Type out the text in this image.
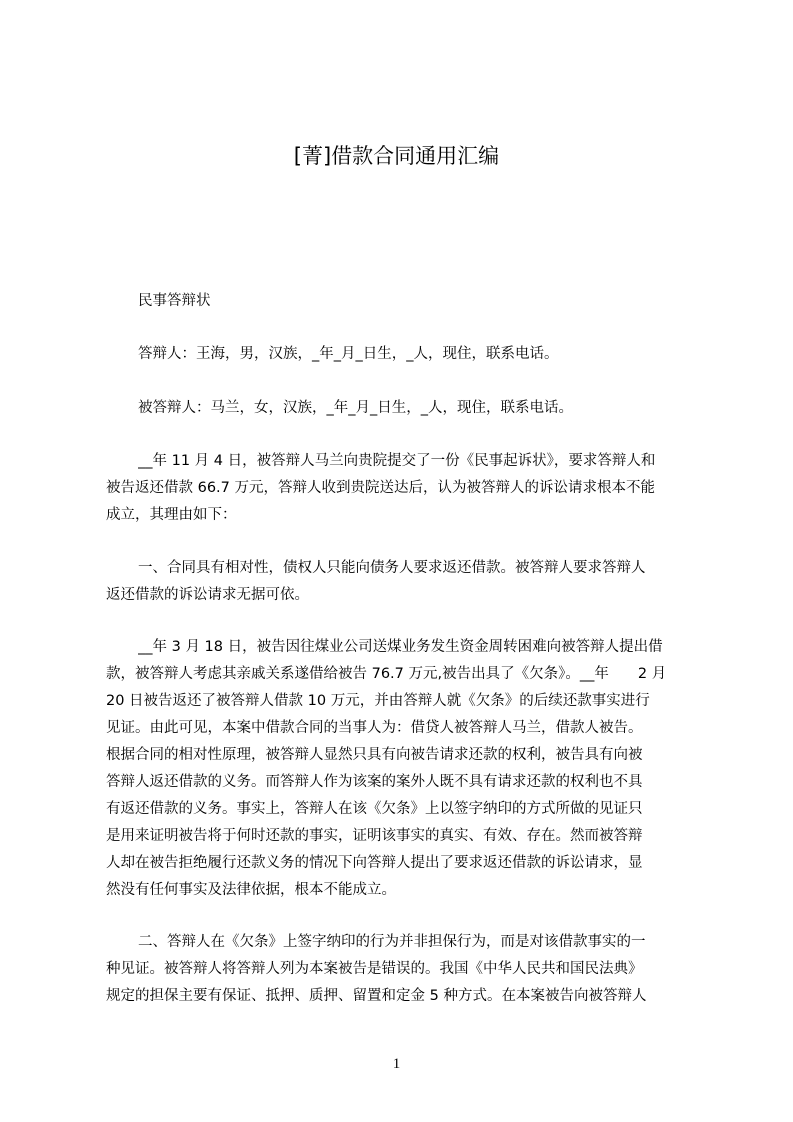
[菁]借款合同通用汇编
民事答辩状
答辩人：王海，男，汉族，_年_月_日生，_人，现住，联系电话。
被答辩人：马兰，女，汉族，_年_月_日生，_人，现住，联系电话。
__年 11 月 4 日，被答辩人马兰向贵院提交了一份《民事起诉状》，要求答辩人和
被告返还借款 66.7 万元，答辩人收到贵院送达后，认为被答辩人的诉讼请求根本不能
成立，其理由如下：
一、合同具有相对性，债权人只能向债务人要求返还借款。被答辩人要求答辩人
返还借款的诉讼请求无据可依。
__年 3 月 18 日，被告因往煤业公司送煤业务发生资金周转困难向被答辩人提出借
款，被答辩人考虑其亲戚关系遂借给被告 76.7 万元,被告出具了《欠条》。__年　　2 月
20 日被告返还了被答辩人借款 10 万元，并由答辩人就《欠条》的后续还款事实进行
见证。由此可见，本案中借款合同的当事人为：借贷人被答辩人马兰，借款人被告。
根据合同的相对性原理，被答辩人显然只具有向被告请求还款的权利，被告具有向被
答辩人返还借款的义务。而答辩人作为该案的案外人既不具有请求还款的权利也不具
有返还借款的义务。事实上，答辩人在该《欠条》上以签字纳印的方式所做的见证只
是用来证明被告将于何时还款的事实，证明该事实的真实、有效、存在。然而被答辩
人却在被告拒绝履行还款义务的情况下向答辩人提出了要求返还借款的诉讼请求，显
然没有任何事实及法律依据，根本不能成立。
二、答辩人在《欠条》上签字纳印的行为并非担保行为，而是对该借款事实的一
种见证。被答辩人将答辩人列为本案被告是错误的。我国《中华人民共和国民法典》
规定的担保主要有保证、抵押、质押、留置和定金 5 种方式。在本案被告向被答辩人
1
